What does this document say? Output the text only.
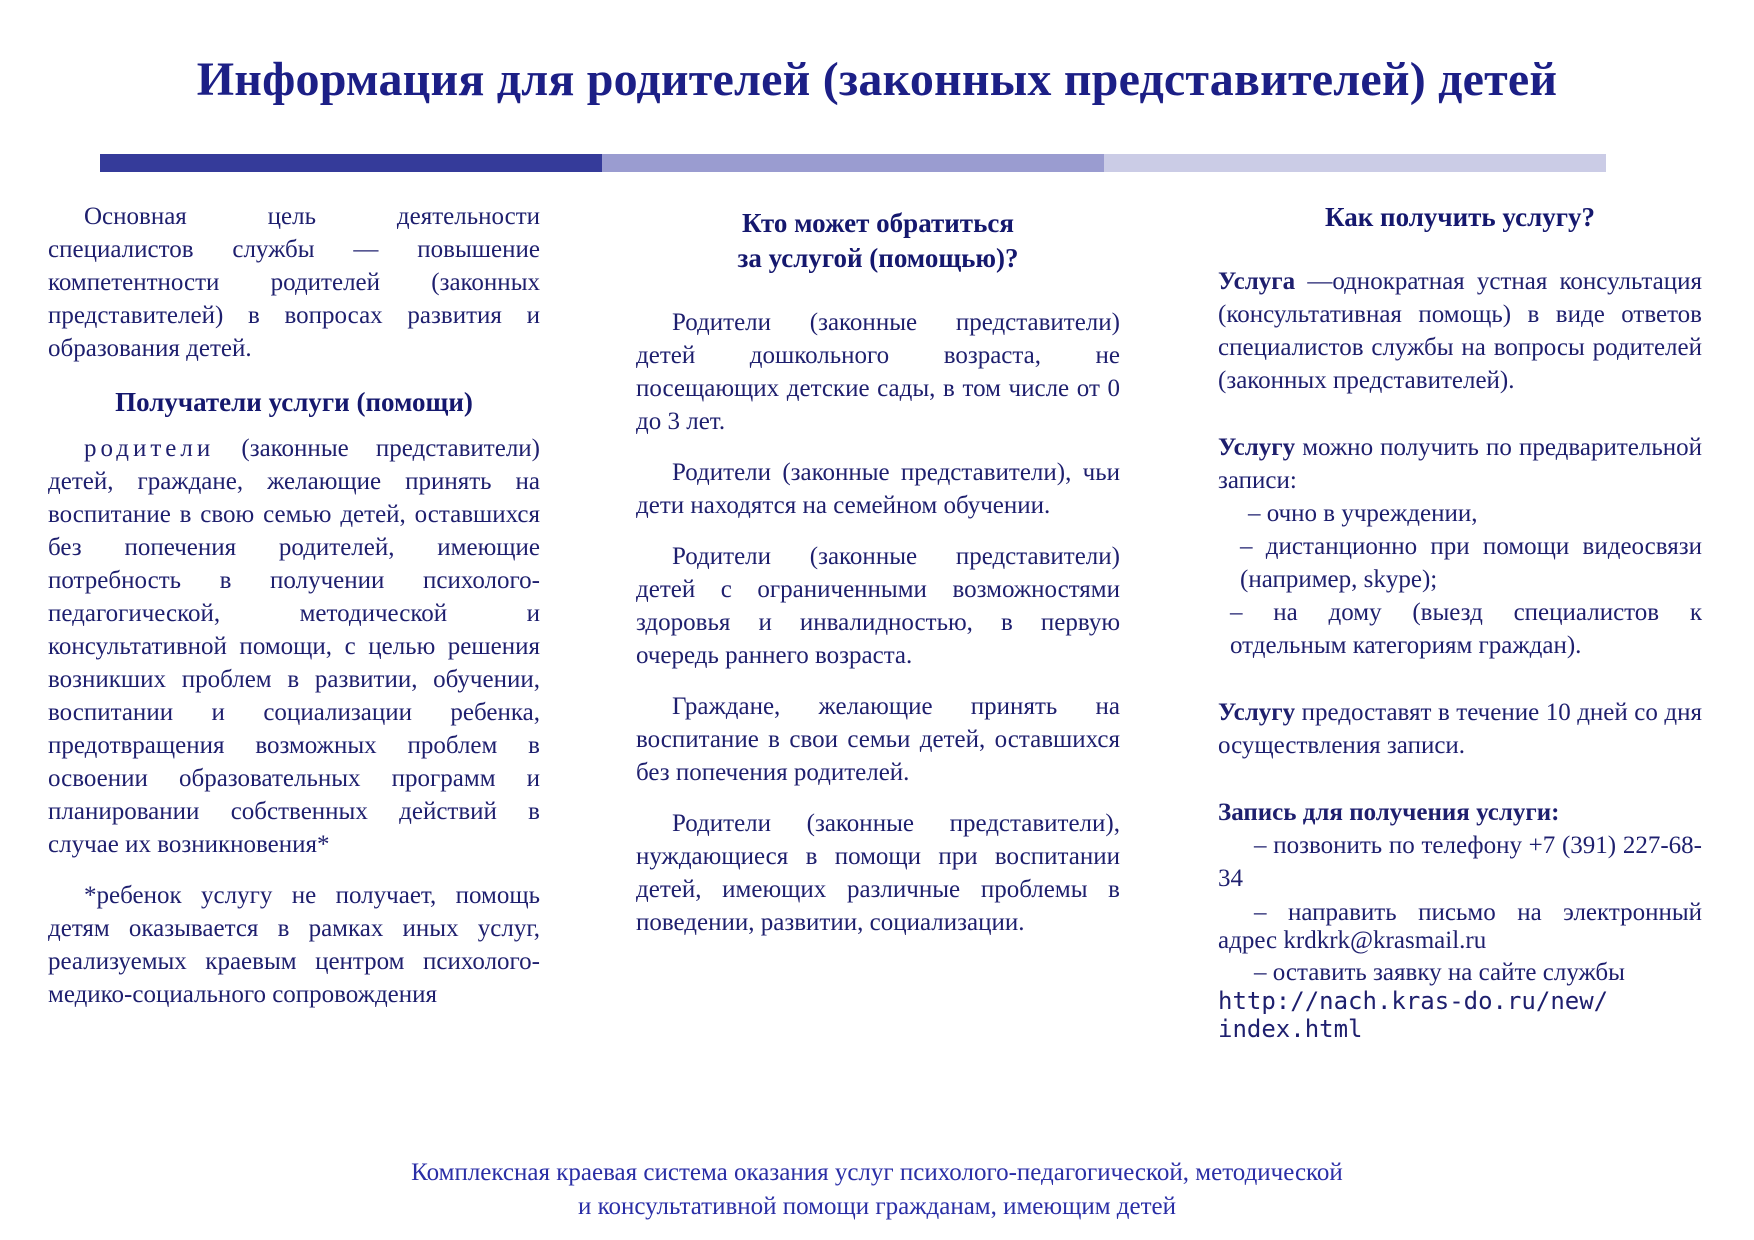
Информация для родителей (законных представителей) детей

Основная цель деятельности специалистов службы — повышение компетентности родителей (законных представителей) в вопросах развития и образования детей.

Получатели услуги (помощи)

родители (законные представители) детей, граждане, желающие принять на воспитание в свою семью детей, оставшихся без попечения родителей, имеющие потребность в получении психолого-педагогической, методической и консультативной помощи, с целью решения возникших проблем в развитии, обучении, воспитании и социализации ребенка, предотвращения возможных проблем в освоении образовательных программ и планировании собственных действий в случае их возникновения*

*ребенок услугу не получает, помощь детям оказывается в рамках иных услуг, реализуемых краевым центром психолого-медико-социального сопровождения

Кто может обратиться
за услугой (помощью)?

Родители (законные представители) детей дошкольного возраста, не посещающих детские сады, в том числе от 0 до 3 лет.

Родители (законные представители), чьи дети находятся на семейном обучении.

Родители (законные представители) детей с ограниченными возможностями здоровья и инвалидностью, в первую очередь раннего возраста.

Граждане, желающие принять на воспитание в свои семьи детей, оставшихся без попечения родителей.

Родители (законные представители), нуждающиеся в помощи при воспитании детей, имеющих различные проблемы в поведении, развитии, социализации.

Как получить услугу?

Услуга —однократная устная консультация (консультативная помощь) в виде ответов специалистов службы на вопросы родителей (законных представителей).

Услугу можно получить по предварительной записи:

– очно в учреждении,

– дистанционно при помощи видеосвязи (например, skype);

– на дому (выезд специалистов к отдельным категориям граждан).

Услугу предоставят в течение 10 дней со дня осуществления записи.

Запись для получения услуги:

– позвонить по телефону +7 (391) 227-68-34

– направить письмо на электронный адрес krdkrk@krasmail.ru

– оставить заявку на сайте службы

http://nach.kras-do.ru/new/
index.html

Комплексная краевая система оказания услуг психолого-педагогической, методической

и консультативной помощи гражданам, имеющим детей
